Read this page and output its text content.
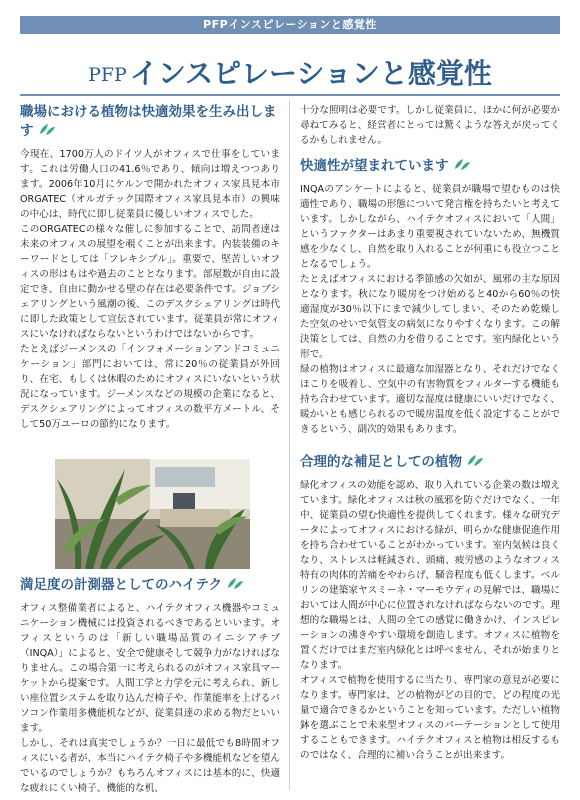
PFPインスピレーションと感覚性
PFP インスピレーションと感覚性
職場における植物は快適効果を生み出します

今現在、1700万人のドイツ人がオフィスで仕事をしています。これは労働人口の41.6％であり、傾向は増えつつあります。2006年10月にケルンで開かれたオフィス家具見本市ORGATEC（オルガテック国際オフィス家具見本市）の興味の中心は、時代に即し従業員に優しいオフィスでした。

このORGATECの様々な催しに参加することで、訪問者達は未来のオフィスの展望を覗くことが出来ます。内装装備のキーワードとしては「フレキシブル」。重要で、堅苦しいオフィスの形はもはや過去のこととなります。部屋数が自由に設定でき、自由に動かせる壁の存在は必要条件です。ジョブシェアリングという風潮の後、このデスクシェアリングは時代に即した政策として宣伝されています。従業員が常にオフィスにいなければならないというわけではないからです。

たとえばジーメンスの「インフォメーションアンドコミュニケーション」部門においては、常に20％の従業員が外回り、在宅、もしくは休暇のためにオフィスにいないという状況になっています。ジーメンスなどの規模の企業になると、デスクシェアリングによってオフィスの数平方メートル、そして50万ユーロの節約になります。

満足度の計測器としてのハイテク

オフィス整備業者によると、ハイテクオフィス機器やコミュニケーション機械には投資されるべきであるといいます。オフィスというのは「新しい職場品質のイニシアチブ（INQA）」によると、安全で健康そして競争力がなければなりません。この場合第一に考えられるのがオフィス家具マーケットから提案です。人間工学と力学を元に考えられ、新しい座位置システムを取り込んだ椅子や、作業能率を上げるパソコン作業用多機能机などが、従業員達の求める物だといいます。

しかし、それは真実でしょうか？一日に最低でも8時間オフィスにいる者が、本当にハイテク椅子や多機能机などを望んでいるのでしょうか？もちろんオフィスには基本的に、快適な疲れにくい椅子、機能的な机、

十分な照明は必要です。しかし従業員に、ほかに何が必要か尋ねてみると、経営者にとっては驚くような答えが戻ってくるかもしれません。

快適性が望まれています

INQAのアンケートによると、従業員が職場で望むものは快適性であり、職場の形態について発言権を持ちたいと考えています。しかしながら、ハイテクオフィスにおいて「人間」というファクターはあまり重要視されていないため、無機質感を少なくし、自然を取り入れることが何重にも役立つこととなるでしょう。

たとえばオフィスにおける季節感の欠如が、風邪の主な原因となります。秋になり暖房をつけ始めると40から60％の快適湿度が30％以下にまで減少してしまい、そのため乾燥した空気のせいで気管支の病気になりやすくなります。この解決策としては、自然の力を借りることです。室内緑化という形で。

緑の植物はオフィスに最適な加湿器となり、それだけでなくほこりを吸着し、空気中の有害物質をフィルターする機能も持ち合わせています。適切な湿度は健康にいいだけでなく、暖かいとも感じられるので暖房温度を低く設定することができるという、副次的効果もあります。

合理的な補足としての植物

緑化オフィスの効能を認め、取り入れている企業の数は増えています。緑化オフィスは秋の風邪を防ぐだけでなく、一年中、従業員の望む快適性を提供してくれます。様々な研究データによってオフィスにおける緑が、明らかな健康促進作用を持ち合わせていることがわかっています。室内気候は良くなり、ストレスは軽減され、頭痛、疲労感のようなオフィス特有の肉体的苦痛をやわらげ、騒音程度も低くします。ベルリンの建築家ヤスミーネ・マーモウディの見解では、職場においては人間が中心に位置されなければならないのです。理想的な職場とは、人間の全ての感覚に働きかけ、インスピレーションの沸きやすい環境を創造します。オフィスに植物を置くだけではまだ室内緑化とは呼べません、それが始まりとなります。

オフィスで植物を使用するに当たり、専門家の意見が必要になります。専門家は、どの植物がどの目的で、どの程度の光量で適合できるかということを知っています。ただしい植物鉢を選ぶことで未来型オフィスのパーテーションとして使用することもできます。ハイテクオフィスと植物は相反するものではなく、合理的に補い合うことが出来ます。
